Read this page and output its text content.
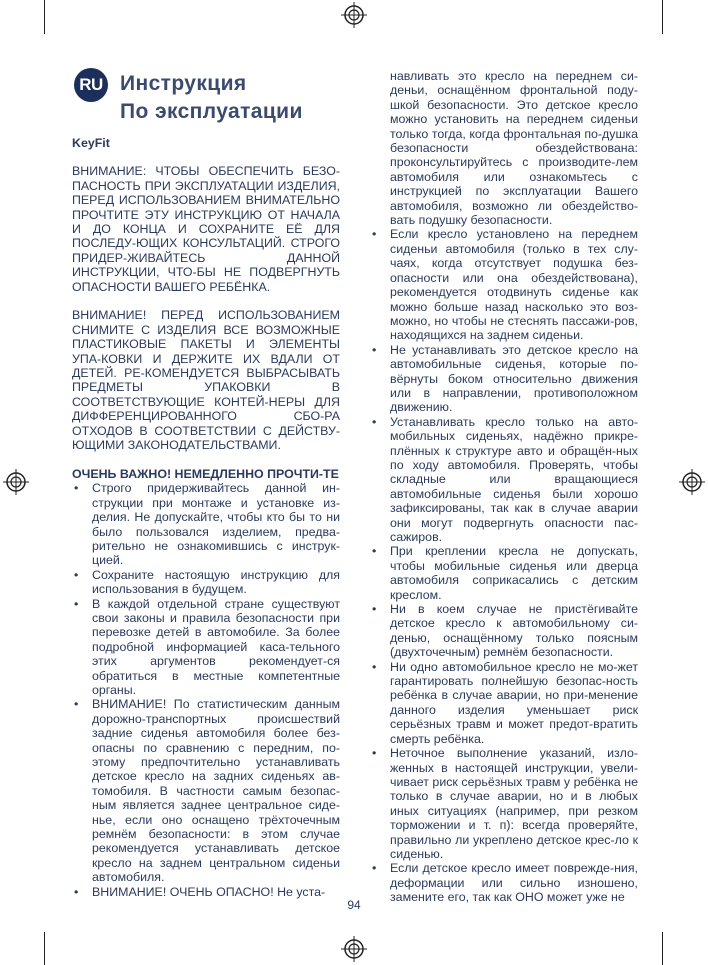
RU Инструкция
По эксплуатации
KeyFit

ВНИМАНИЕ: ЧТОБЫ ОБЕСПЕЧИТЬ БЕЗО-ПАСНОСТЬ ПРИ ЭКСПЛУАТАЦИИ ИЗДЕЛИЯ, ПЕРЕД ИСПОЛЬЗОВАНИЕМ ВНИМАТЕЛЬНО ПРОЧТИТЕ ЭТУ ИНСТРУКЦИЮ ОТ НАЧАЛА И ДО КОНЦА И СОХРАНИТЕ ЕЁ ДЛЯ ПОСЛЕДУ-ЮЩИХ КОНСУЛЬТАЦИЙ. СТРОГО ПРИДЕР-ЖИВАЙТЕСЬ ДАННОЙ ИНСТРУКЦИИ, ЧТО-БЫ НЕ ПОДВЕРГНУТЬ ОПАСНОСТИ ВАШЕГО РЕБЁНКА.

ВНИМАНИЕ! ПЕРЕД ИСПОЛЬЗОВАНИЕМ СНИМИТЕ С ИЗДЕЛИЯ ВСЕ ВОЗМОЖНЫЕ ПЛАСТИКОВЫЕ ПАКЕТЫ И ЭЛЕМЕНТЫ УПА-КОВКИ И ДЕРЖИТЕ ИХ ВДАЛИ ОТ ДЕТЕЙ. РЕ-КОМЕНДУЕТСЯ ВЫБРАСЫВАТЬ ПРЕДМЕТЫ УПАКОВКИ В СООТВЕТСТВУЮЩИЕ КОНТЕЙ-НЕРЫ ДЛЯ ДИФФЕРЕНЦИРОВАННОГО СБО-РА ОТХОДОВ В СООТВЕТСТВИИ С ДЕЙСТВУ-ЮЩИМИ ЗАКОНОДАТЕЛЬСТВАМИ.

ОЧЕНЬ ВАЖНО! НЕМЕДЛЕННО ПРОЧТИ-ТЕ

• Строго придерживайтесь данной ин-струкции при монтаже и установке из-делия. Не допускайте, чтобы кто бы то ни было пользовался изделием, предва-рительно не ознакомившись с инструк-цией.
• Сохраните настоящую инструкцию для использования в будущем.
• В каждой отдельной стране существуют свои законы и правила безопасности при перевозке детей в автомобиле. За более подробной информацией каса-тельного этих аргументов рекомендует-ся обратиться в местные компетентные органы.
• ВНИМАНИЕ! По статистическим данным дорожно-транспортных происшествий задние сиденья автомобиля более без-опасны по сравнению с передним, по-этому предпочтительно устанавливать детское кресло на задних сиденьях ав-томобиля. В частности самым безопас-ным является заднее центральное сиде-нье, если оно оснащено трёхточечным ремнём безопасности: в этом случае рекомендуется устанавливать детское кресло на заднем центральном сиденьи автомобиля.
• ВНИМАНИЕ! ОЧЕНЬ ОПАСНО! Не уста-

навливать это кресло на переднем си-деньи, оснащённом фронтальной поду-шкой безопасности. Это детское кресло можно установить на переднем сиденьи только тогда, когда фронтальная по-душка безопасности обездействована: проконсультируйтесь с производите-лем автомобиля или ознакомьтесь с инструкцией по эксплуатации Вашего автомобиля, возможно ли обездейство-вать подушку безопасности.

• Если кресло установлено на переднем сиденьи автомобиля (только в тех слу-чаях, когда отсутствует подушка без-опасности или она обездействована), рекомендуется отодвинуть сиденье как можно больше назад насколько это воз-можно, но чтобы не стеснять пассажи-ров, находящихся на заднем сиденьи.
• Не устанавливать это детское кресло на автомобильные сиденья, которые по-вёрнуты боком относительно движения или в направлении, противоположном движению.
• Устанавливать кресло только на авто-мобильных сиденьях, надёжно прикре-плённых к структуре авто и обращён-ных по ходу автомобиля. Проверять, чтобы складные или вращающиеся автомобильные сиденья были хорошо зафиксированы, так как в случае аварии они могут подвергнуть опасности пас-сажиров.
• При креплении кресла не допускать, чтобы мобильные сиденья или дверца автомобиля соприкасались с детским креслом.
• Ни в коем случае не пристёгивайте детское кресло к автомобильному си-денью, оснащённому только поясным (двухточечным) ремнём безопасности.
• Ни одно автомобильное кресло не мо-жет гарантировать полнейшую безопас-ность ребёнка в случае аварии, но при-менение данного изделия уменьшает риск серьёзных травм и может предот-вратить смерть ребёнка.
• Неточное выполнение указаний, изло-женных в настоящей инструкции, увели-чивает риск серьёзных травм у ребёнка не только в случае аварии, но и в любых иных ситуациях (например, при резком торможении и т. п): всегда проверяйте, правильно ли укреплено детское крес-ло к сиденью.
• Если детское кресло имеет поврежде-ния, деформации или сильно изношено, замените его, так как ОНО может уже не
94
